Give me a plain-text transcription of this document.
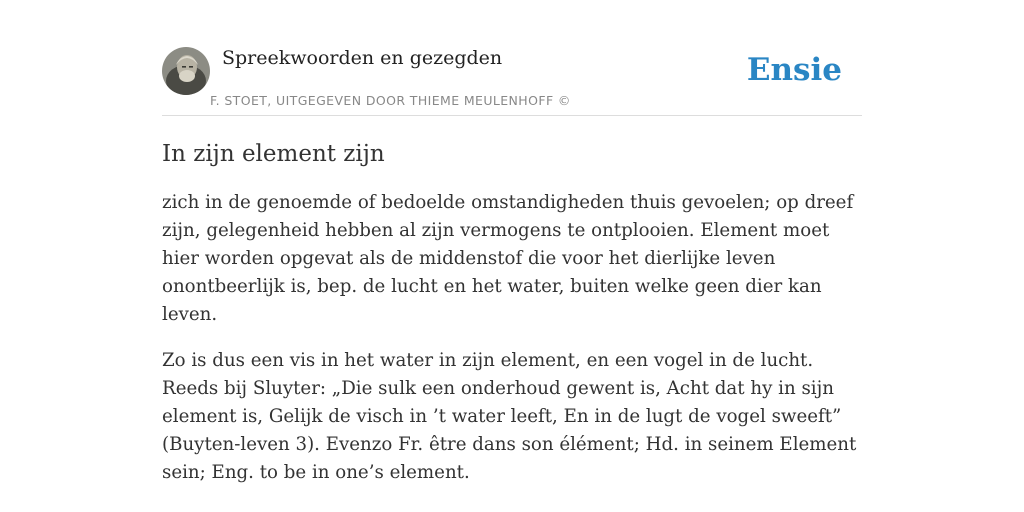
Spreekwoorden en gezegden
F. STOET, UITGEGEVEN DOOR THIEME MEULENHOFF ©
Ensie
In zijn element zijn

zich in de genoemde of bedoelde omstandigheden thuis gevoelen; op dreef zijn, gelegenheid hebben al zijn vermogens te ontplooien. Element moet hier worden opgevat als de middenstof die voor het dierlijke leven onontbeerlijk is, bep. de lucht en het water, buiten welke geen dier kan leven.

Zo is dus een vis in het water in zijn element, en een vogel in de lucht. Reeds bij Sluyter: „Die sulk een onderhoud gewent is, Acht dat hy in sijn element is, Gelijk de visch in ’t water leeft, En in de lugt de vogel sweeft” (Buyten-leven 3). Evenzo Fr. être dans son élément; Hd. in seinem Element sein; Eng. to be in one’s element.
